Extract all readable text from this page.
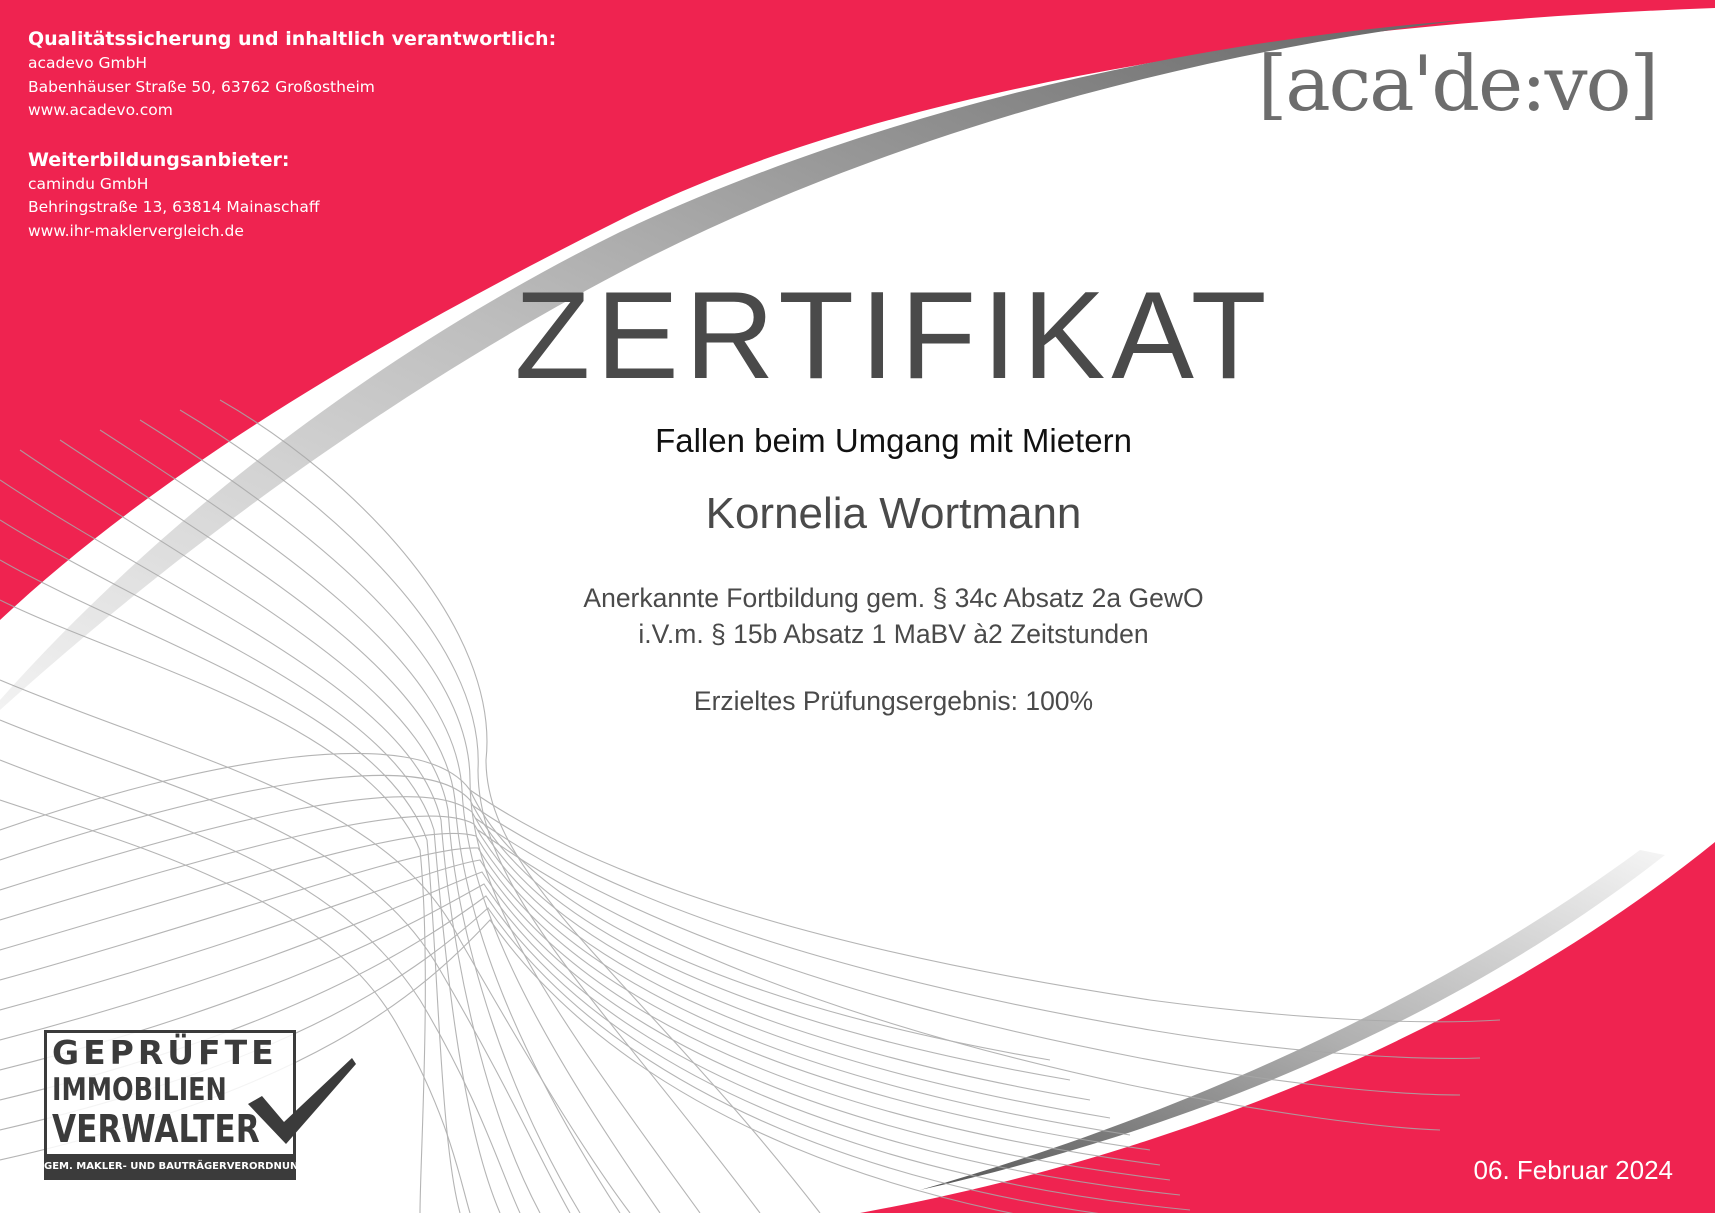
Qualitätssicherung und inhaltlich verantwortlich:
acadevo GmbH
Babenhäuser Straße 50, 63762 Großostheim
www.acadevo.com
Weiterbildungsanbieter:
camindu GmbH
Behringstraße 13, 63814 Mainaschaff
www.ihr-maklervergleich.de
[aca'de:vo]
ZERTIFIKAT
Fallen beim Umgang mit Mietern
Kornelia Wortmann
Anerkannte Fortbildung gem. § 34c Absatz 2a GewO
i.V.m. § 15b Absatz 1 MaBV à2 Zeitstunden
Erzieltes Prüfungsergebnis: 100%
GEPRÜFTE
IMMOBILIEN
VERWALTER
GEM. MAKLER- UND BAUTRÄGERVERORDNUNG §15B	06. Februar 2024
